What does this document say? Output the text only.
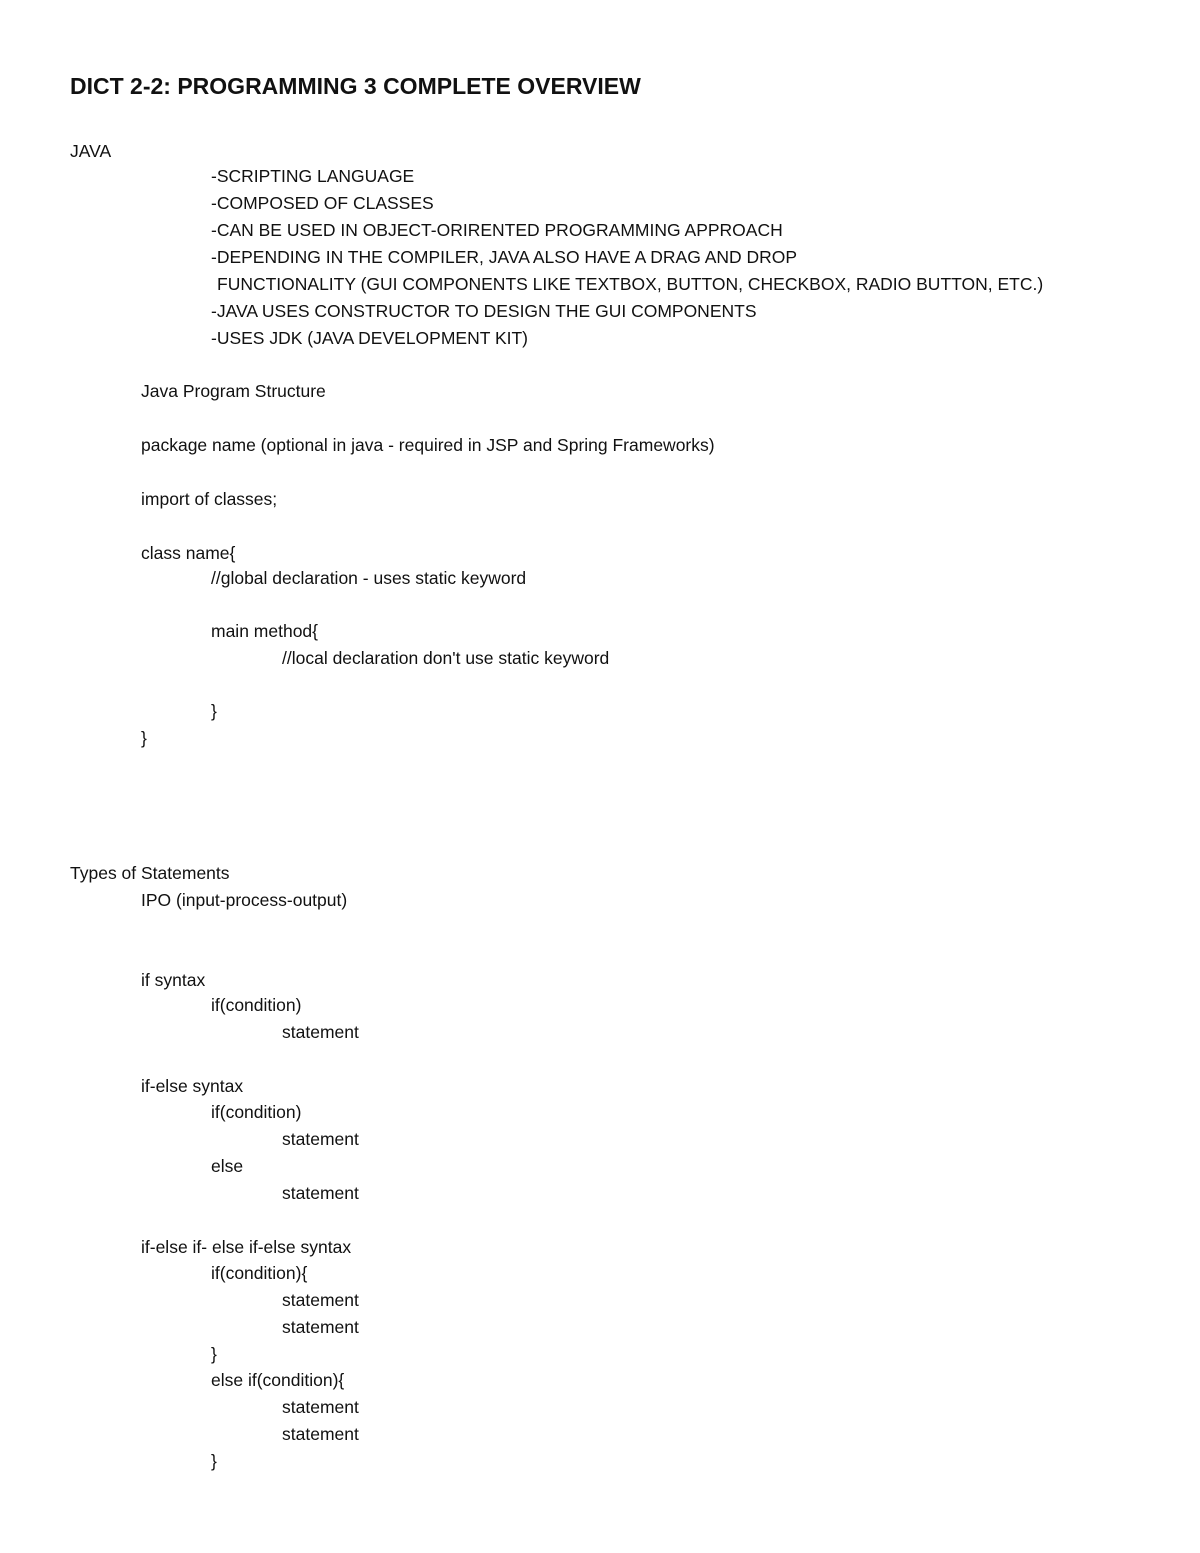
DICT 2-2: PROGRAMMING 3 COMPLETE OVERVIEW
JAVA
-SCRIPTING LANGUAGE
-COMPOSED OF CLASSES
-CAN BE USED IN OBJECT-ORIRENTED PROGRAMMING APPROACH
-DEPENDING IN THE COMPILER, JAVA ALSO HAVE A DRAG AND DROP
FUNCTIONALITY (GUI COMPONENTS LIKE TEXTBOX, BUTTON, CHECKBOX, RADIO BUTTON, ETC.)
-JAVA USES CONSTRUCTOR TO DESIGN THE GUI COMPONENTS
-USES JDK (JAVA DEVELOPMENT KIT)
Java Program Structure
package name (optional in java - required in JSP and Spring Frameworks)
import of classes;
class name{
//global declaration - uses static keyword
main method{
//local declaration don't use static keyword
}
}
Types of Statements
IPO (input-process-output)
if syntax
if(condition)
statement
if-else syntax
if(condition)
statement
else
statement
if-else if- else if-else syntax
if(condition){
statement
statement
}
else if(condition){
statement
statement
}
